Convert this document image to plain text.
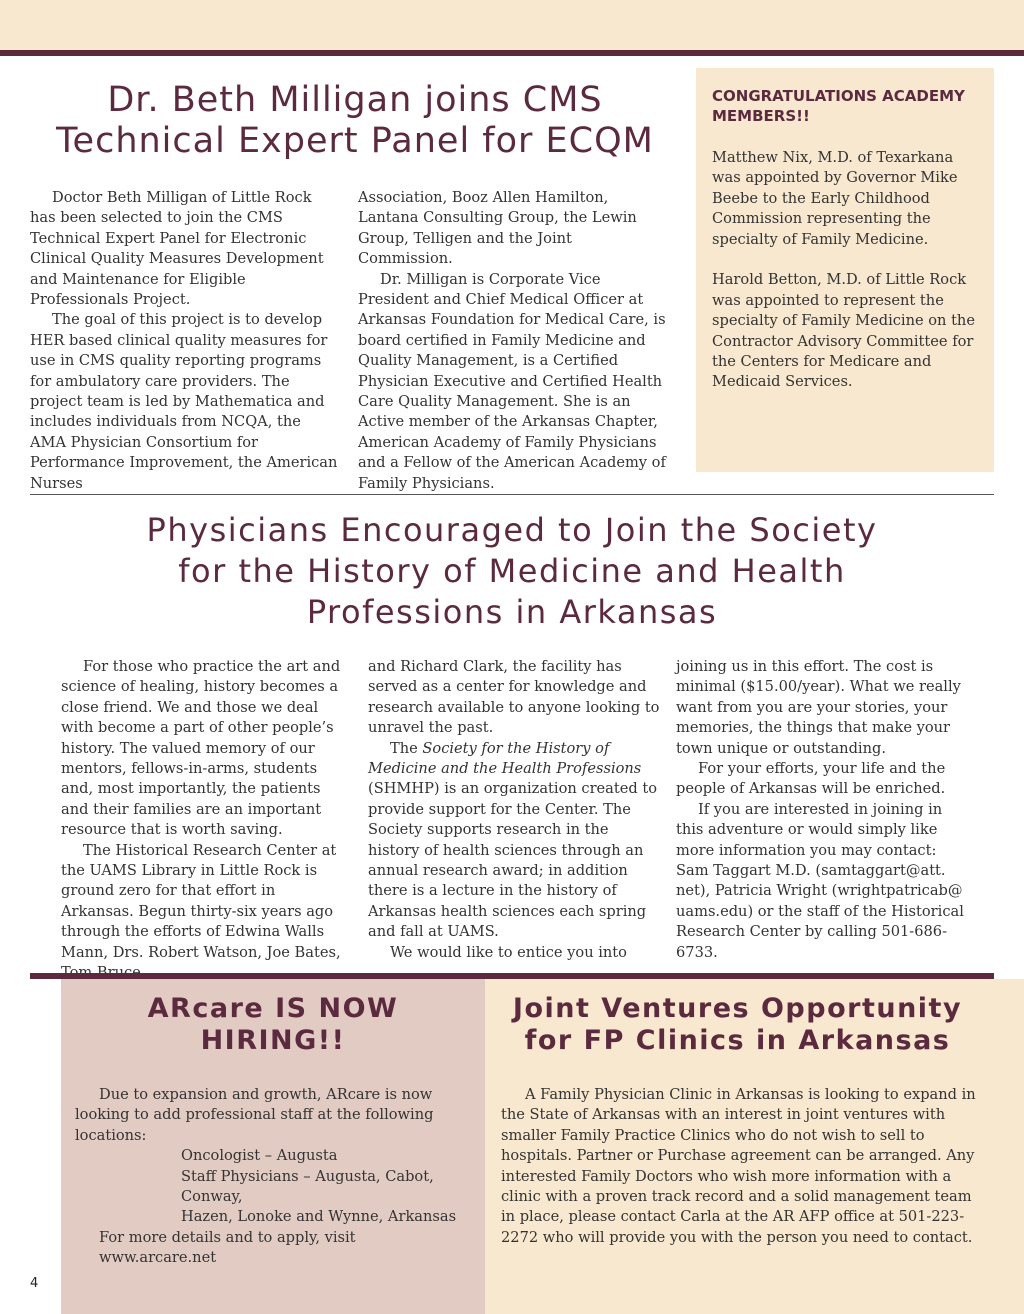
Dr. Beth Milligan joins CMS
Technical Expert Panel for ECQM

Doctor Beth Milligan of Little Rock has been selected to join the CMS Technical Expert Panel for Electronic Clinical Quality Measures Development and Maintenance for Eligible Professionals Project.

The goal of this project is to develop HER based clinical quality measures for use in CMS quality reporting programs for ambulatory care providers. The project team is led by Mathematica and includes individuals from NCQA, the AMA Physician Consortium for Performance Improvement, the American Nurses

Association, Booz Allen Hamilton, Lantana Consulting Group, the Lewin Group, Telligen and the Joint Commission.

Dr. Milligan is Corporate Vice President and Chief Medical Officer at Arkansas Foundation for Medical Care, is board certified in Family Medicine and Quality Management, is a Certified Physician Executive and Certified Health Care Quality Management. She is an Active member of the Arkansas Chapter, American Academy of Family Physicians and a Fellow of the American Academy of Family Physicians.

CONGRATULATIONS ACADEMY MEMBERS!!

Matthew Nix, M.D. of Texarkana was appointed by Governor Mike Beebe to the Early Childhood Commission representing the specialty of Family Medicine.

Harold Betton, M.D. of Little Rock was appointed to represent the specialty of Family Medicine on the Contractor Advisory Committee for the Centers for Medicare and Medicaid Services.

Physicians Encouraged to Join the Society
for the History of Medicine and Health
Professions in Arkansas

For those who practice the art and science of healing, history becomes a close friend. We and those we deal with become a part of other people’s history. The valued memory of our mentors, fellows-in-arms, students and, most importantly, the patients and their families are an important resource that is worth saving.

The Historical Research Center at the UAMS Library in Little Rock is ground zero for that effort in Arkansas. Begun thirty-six years ago through the efforts of Edwina Walls Mann, Drs. Robert Watson, Joe Bates,

and Richard Clark, the facility has served as a center for knowledge and research available to anyone looking to unravel the past.

The Society for the History of Medicine and the Health Professions (SHMHP) is an organization created to provide support for the Center. The Society supports research in the history of health sciences through an annual research award; in addition there is a lecture in the history of Arkansas health sciences each spring and fall at UAMS.

We would like to entice you into

joining us in this effort. The cost is minimal ($15.00/year). What we really want from you are your stories, your memories, the things that make your town unique or outstanding.

For your efforts, your life and the people of Arkansas will be enriched.

If you are interested in joining in this adventure or would simply like more information you may contact: Sam Taggart M.D. (samtaggart@att. net), Patricia Wright (wrightpatricab@ uams.edu) or the staff of the Historical Research Center by calling 501-686-6733.

ARcare IS NOW
HIRING!!

Due to expansion and growth, ARcare is now looking to add professional staff at the following locations:

Oncologist – Augusta

Staff Physicians – Augusta, Cabot, Conway,

Hazen, Lonoke and Wynne, Arkansas

For more details and to apply, visit www.arcare.net

Joint Ventures Opportunity
for FP Clinics in Arkansas

A Family Physician Clinic in Arkansas is looking to expand in the State of Arkansas with an interest in joint ventures with smaller Family Practice Clinics who do not wish to sell to hospitals. Partner or Purchase agreement can be arranged. Any interested Family Doctors who wish more information with a clinic with a proven track record and a solid management team in place, please contact Carla at the AR AFP office at 501-223-2272 who will provide you with the person you need to contact.

4
